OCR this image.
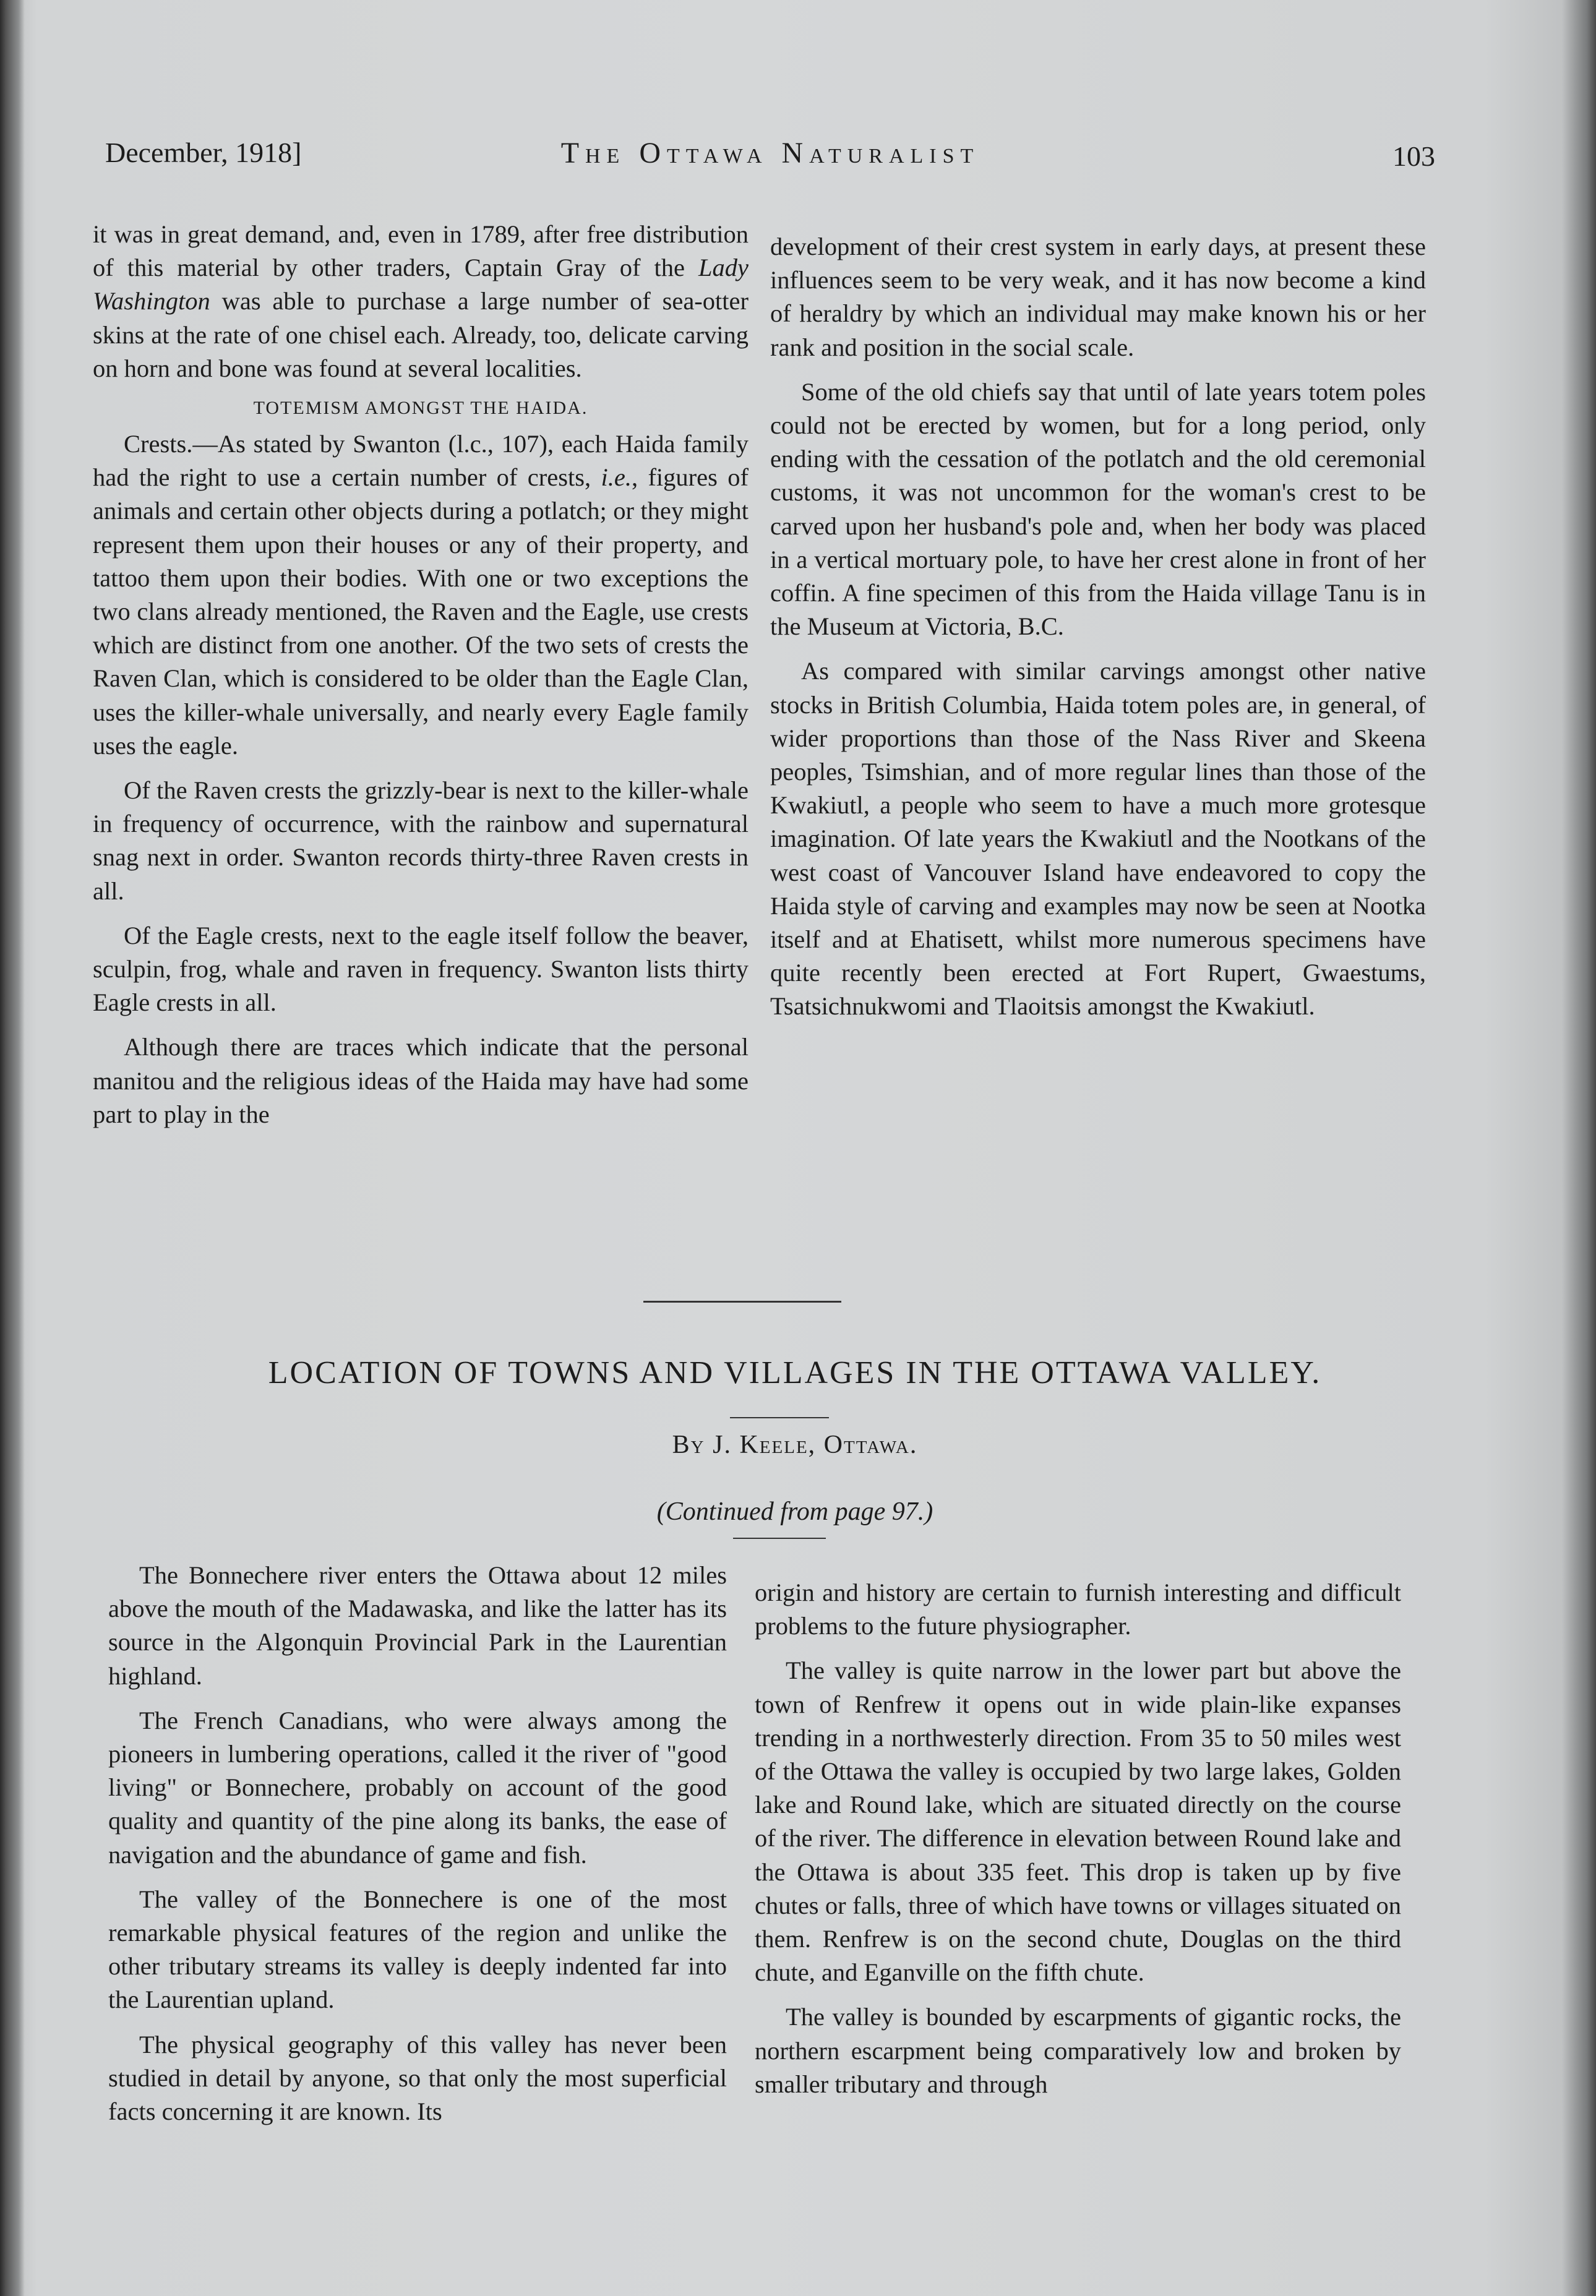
December, 1918]	The Ottawa Naturalist	103

it was in great demand, and, even in 1789, after free distribution of this material by other traders, Captain Gray of the Lady Washington was able to purchase a large number of sea-otter skins at the rate of one chisel each. Already, too, delicate carving on horn and bone was found at several localities.

TOTEMISM AMONGST THE HAIDA.

Crests.—As stated by Swanton (l.c., 107), each Haida family had the right to use a certain number of crests, i.e., figures of animals and certain other objects during a potlatch; or they might represent them upon their houses or any of their property, and tattoo them upon their bodies. With one or two exceptions the two clans already mentioned, the Raven and the Eagle, use crests which are distinct from one another. Of the two sets of crests the Raven Clan, which is considered to be older than the Eagle Clan, uses the killer-whale universally, and nearly every Eagle family uses the eagle.

Of the Raven crests the grizzly-bear is next to the killer-whale in frequency of occurrence, with the rainbow and supernatural snag next in order. Swanton records thirty-three Raven crests in all.

Of the Eagle crests, next to the eagle itself follow the beaver, sculpin, frog, whale and raven in frequency. Swanton lists thirty Eagle crests in all.

Although there are traces which indicate that the personal manitou and the religious ideas of the Haida may have had some part to play in the

development of their crest system in early days, at present these influences seem to be very weak, and it has now become a kind of heraldry by which an individual may make known his or her rank and position in the social scale.

Some of the old chiefs say that until of late years totem poles could not be erected by women, but for a long period, only ending with the cessation of the potlatch and the old ceremonial customs, it was not uncommon for the woman's crest to be carved upon her husband's pole and, when her body was placed in a vertical mortuary pole, to have her crest alone in front of her coffin. A fine specimen of this from the Haida village Tanu is in the Museum at Victoria, B.C.

As compared with similar carvings amongst other native stocks in British Columbia, Haida totem poles are, in general, of wider proportions than those of the Nass River and Skeena peoples, Tsimshian, and of more regular lines than those of the Kwakiutl, a people who seem to have a much more grotesque imagination. Of late years the Kwakiutl and the Nootkans of the west coast of Vancouver Island have endeavored to copy the Haida style of carving and examples may now be seen at Nootka itself and at Ehatisett, whilst more numerous specimens have quite recently been erected at Fort Rupert, Gwaestums, Tsatsichnukwomi and Tlaoitsis amongst the Kwakiutl.

LOCATION OF TOWNS AND VILLAGES IN THE OTTAWA VALLEY.
By J. Keele, Ottawa.
(Continued from page 97.)

The Bonnechere river enters the Ottawa about 12 miles above the mouth of the Madawaska, and like the latter has its source in the Algonquin Provincial Park in the Laurentian highland.

The French Canadians, who were always among the pioneers in lumbering operations, called it the river of "good living" or Bonnechere, probably on account of the good quality and quantity of the pine along its banks, the ease of navigation and the abundance of game and fish.

The valley of the Bonnechere is one of the most remarkable physical features of the region and unlike the other tributary streams its valley is deeply indented far into the Laurentian upland.

The physical geography of this valley has never been studied in detail by anyone, so that only the most superficial facts concerning it are known. Its

origin and history are certain to furnish interesting and difficult problems to the future physiographer.

The valley is quite narrow in the lower part but above the town of Renfrew it opens out in wide plain-like expanses trending in a northwesterly direction. From 35 to 50 miles west of the Ottawa the valley is occupied by two large lakes, Golden lake and Round lake, which are situated directly on the course of the river. The difference in elevation between Round lake and the Ottawa is about 335 feet. This drop is taken up by five chutes or falls, three of which have towns or villages situated on them. Renfrew is on the second chute, Douglas on the third chute, and Eganville on the fifth chute.

The valley is bounded by escarpments of gigantic rocks, the northern escarpment being comparatively low and broken by smaller tributary and through
